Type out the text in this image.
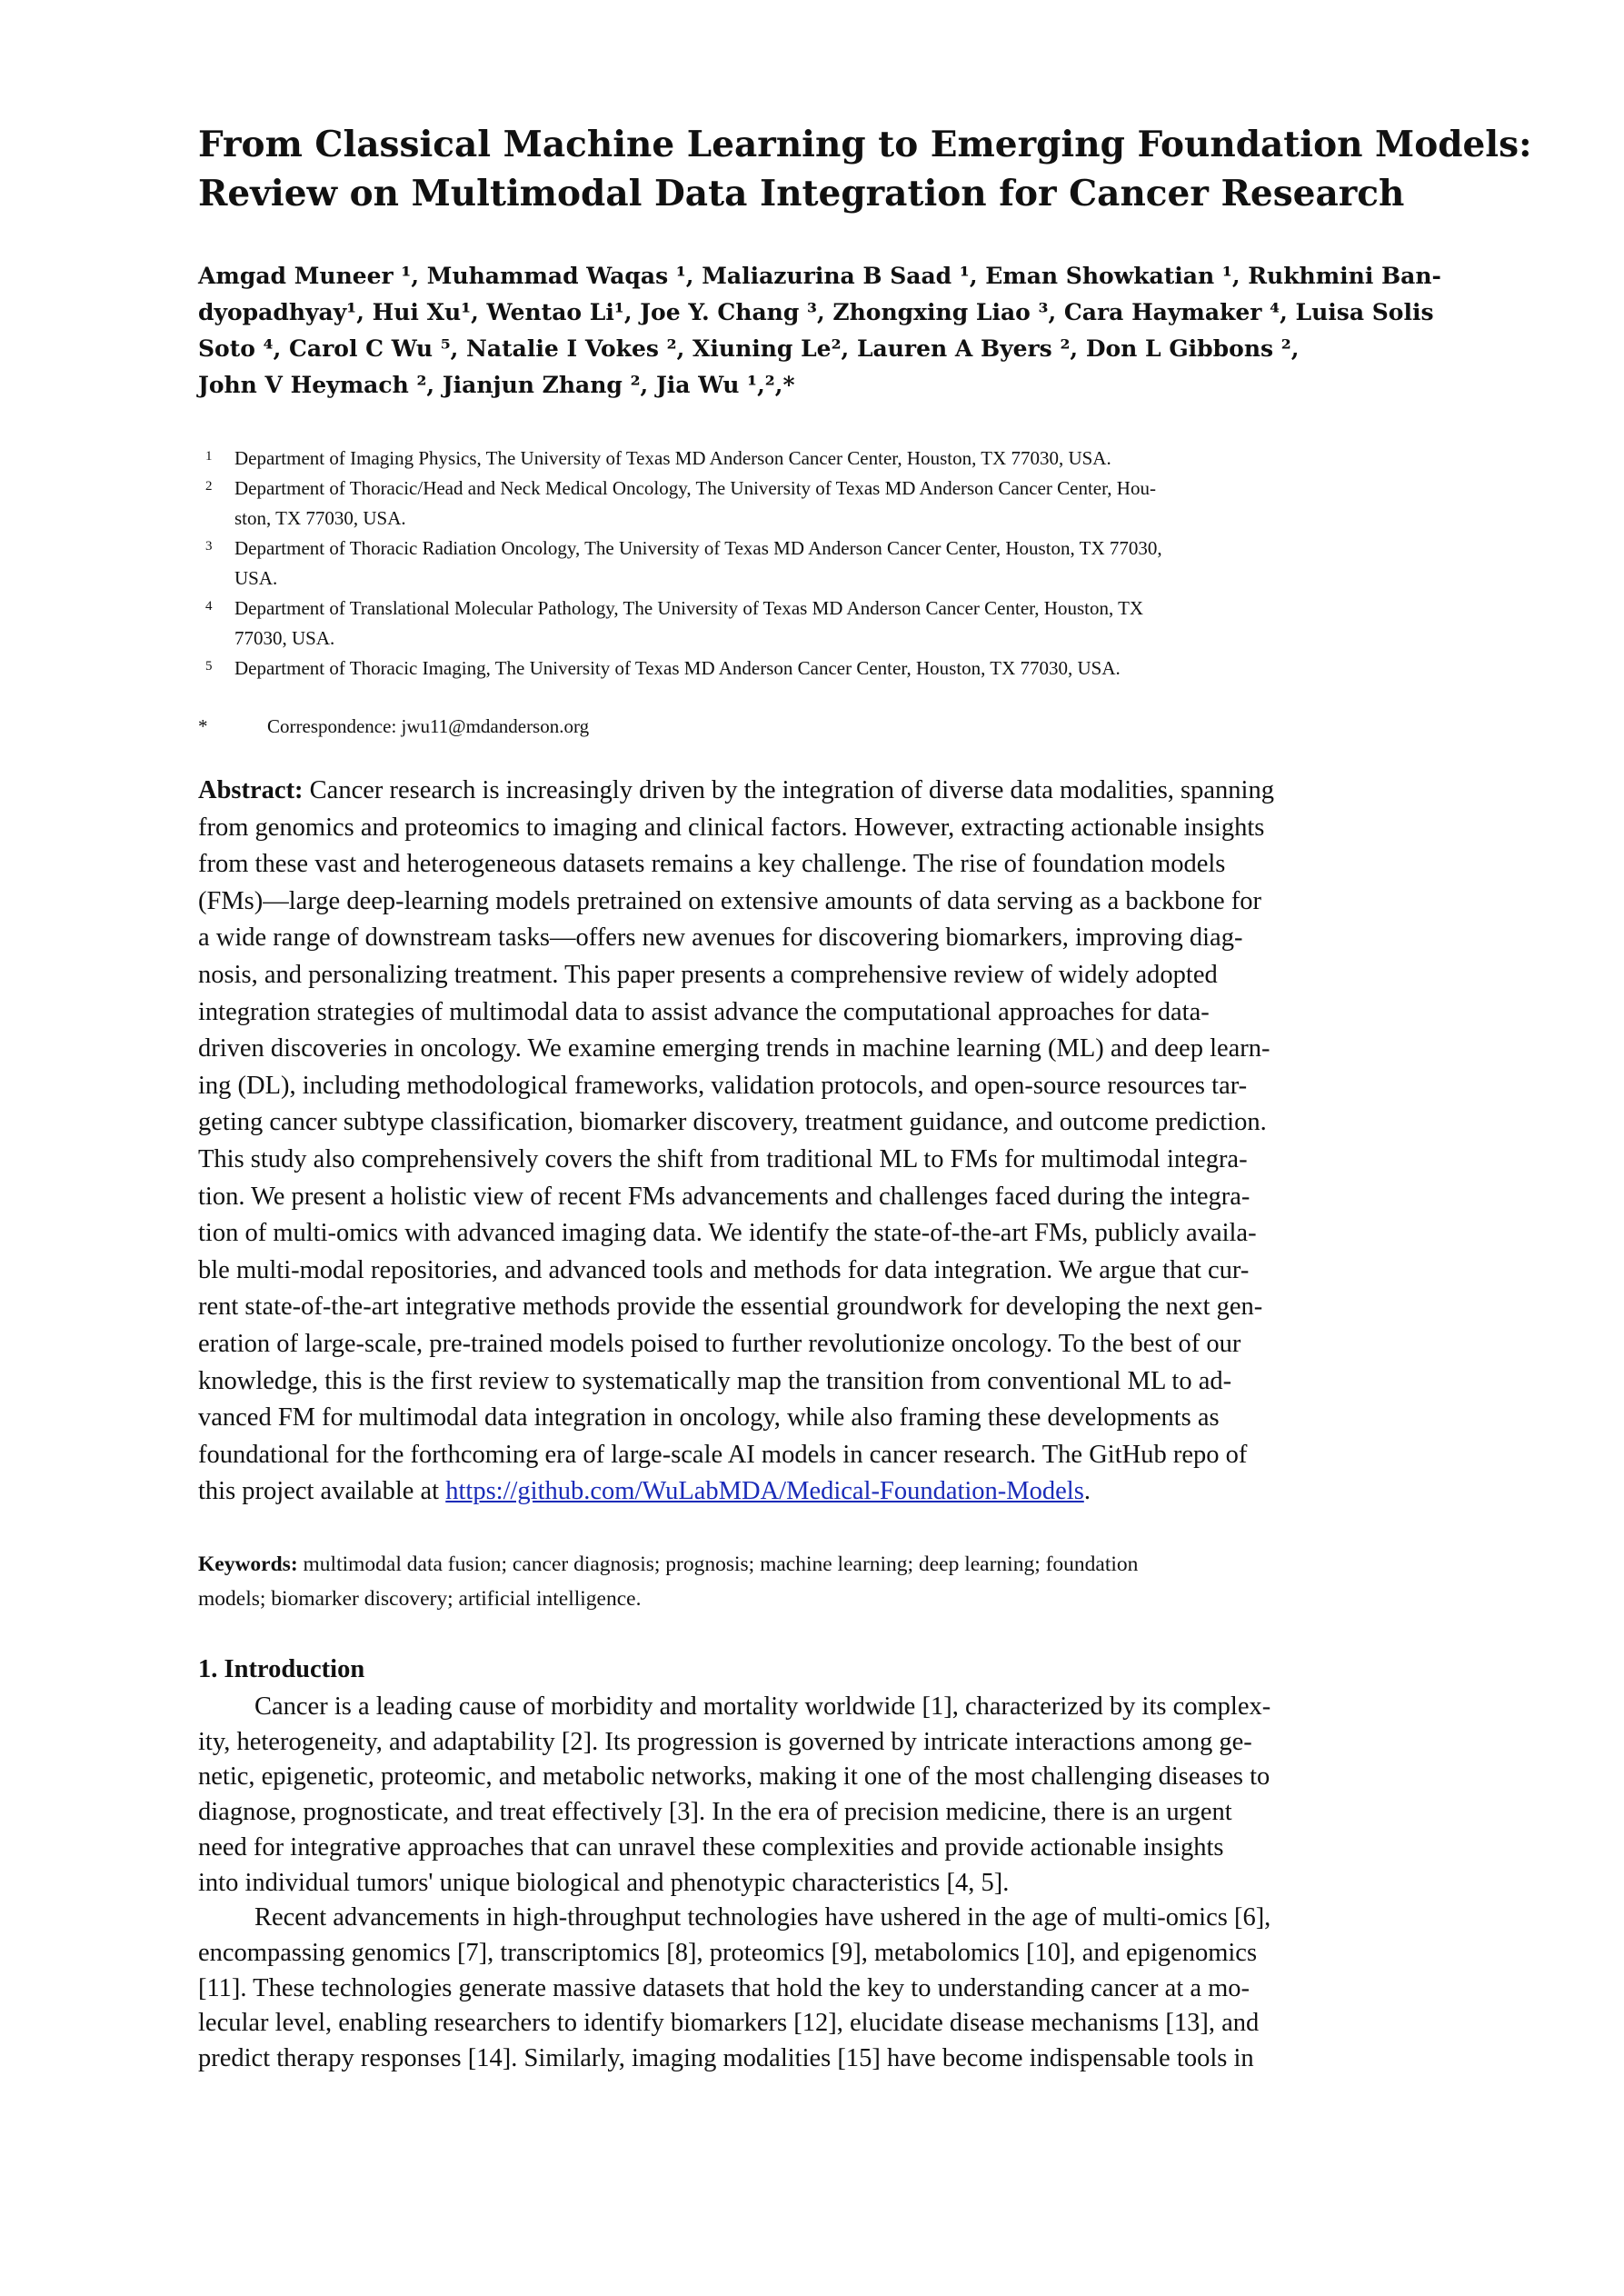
From Classical Machine Learning to Emerging Foundation Models:
Review on Multimodal Data Integration for Cancer Research

Amgad Muneer ¹, Muhammad Waqas ¹, Maliazurina B Saad ¹, Eman Showkatian ¹, Rukhmini Ban-
dyopadhyay¹, Hui Xu¹, Wentao Li¹, Joe Y. Chang ³, Zhongxing Liao ³, Cara Haymaker ⁴, Luisa Solis
Soto ⁴, Carol C Wu ⁵, Natalie I Vokes ², Xiuning Le², Lauren A Byers ², Don L Gibbons ²,
John V Heymach ², Jianjun Zhang ², Jia Wu ¹,²,*

1 Department of Imaging Physics, The University of Texas MD Anderson Cancer Center, Houston, TX 77030, USA.
2 Department of Thoracic/Head and Neck Medical Oncology, The University of Texas MD Anderson Cancer Center, Hou-
ston, TX 77030, USA.
3 Department of Thoracic Radiation Oncology, The University of Texas MD Anderson Cancer Center, Houston, TX 77030,
USA.
4 Department of Translational Molecular Pathology, The University of Texas MD Anderson Cancer Center, Houston, TX
77030, USA.
5 Department of Thoracic Imaging, The University of Texas MD Anderson Cancer Center, Houston, TX 77030, USA.
*	Correspondence: jwu11@mdanderson.org

Abstract: Cancer research is increasingly driven by the integration of diverse data modalities, spanning
from genomics and proteomics to imaging and clinical factors. However, extracting actionable insights
from these vast and heterogeneous datasets remains a key challenge. The rise of foundation models
(FMs)—large deep-learning models pretrained on extensive amounts of data serving as a backbone for
a wide range of downstream tasks—offers new avenues for discovering biomarkers, improving diag-
nosis, and personalizing treatment. This paper presents a comprehensive review of widely adopted
integration strategies of multimodal data to assist advance the computational approaches for data-
driven discoveries in oncology. We examine emerging trends in machine learning (ML) and deep learn-
ing (DL), including methodological frameworks, validation protocols, and open-source resources tar-
geting cancer subtype classification, biomarker discovery, treatment guidance, and outcome prediction.
This study also comprehensively covers the shift from traditional ML to FMs for multimodal integra-
tion. We present a holistic view of recent FMs advancements and challenges faced during the integra-
tion of multi-omics with advanced imaging data. We identify the state-of-the-art FMs, publicly availa-
ble multi-modal repositories, and advanced tools and methods for data integration. We argue that cur-
rent state-of-the-art integrative methods provide the essential groundwork for developing the next gen-
eration of large-scale, pre-trained models poised to further revolutionize oncology. To the best of our
knowledge, this is the first review to systematically map the transition from conventional ML to ad-
vanced FM for multimodal data integration in oncology, while also framing these developments as
foundational for the forthcoming era of large-scale AI models in cancer research. The GitHub repo of
this project available at https://github.com/WuLabMDA/Medical-Foundation-Models.

Keywords: multimodal data fusion; cancer diagnosis; prognosis; machine learning; deep learning; foundation
models; biomarker discovery; artificial intelligence.

1. Introduction

Cancer is a leading cause of morbidity and mortality worldwide [1], characterized by its complex-
ity, heterogeneity, and adaptability [2]. Its progression is governed by intricate interactions among ge-
netic, epigenetic, proteomic, and metabolic networks, making it one of the most challenging diseases to
diagnose, prognosticate, and treat effectively [3]. In the era of precision medicine, there is an urgent
need for integrative approaches that can unravel these complexities and provide actionable insights
into individual tumors' unique biological and phenotypic characteristics [4, 5].
Recent advancements in high-throughput technologies have ushered in the age of multi-omics [6],
encompassing genomics [7], transcriptomics [8], proteomics [9], metabolomics [10], and epigenomics
[11]. These technologies generate massive datasets that hold the key to understanding cancer at a mo-
lecular level, enabling researchers to identify biomarkers [12], elucidate disease mechanisms [13], and
predict therapy responses [14]. Similarly, imaging modalities [15] have become indispensable tools in
